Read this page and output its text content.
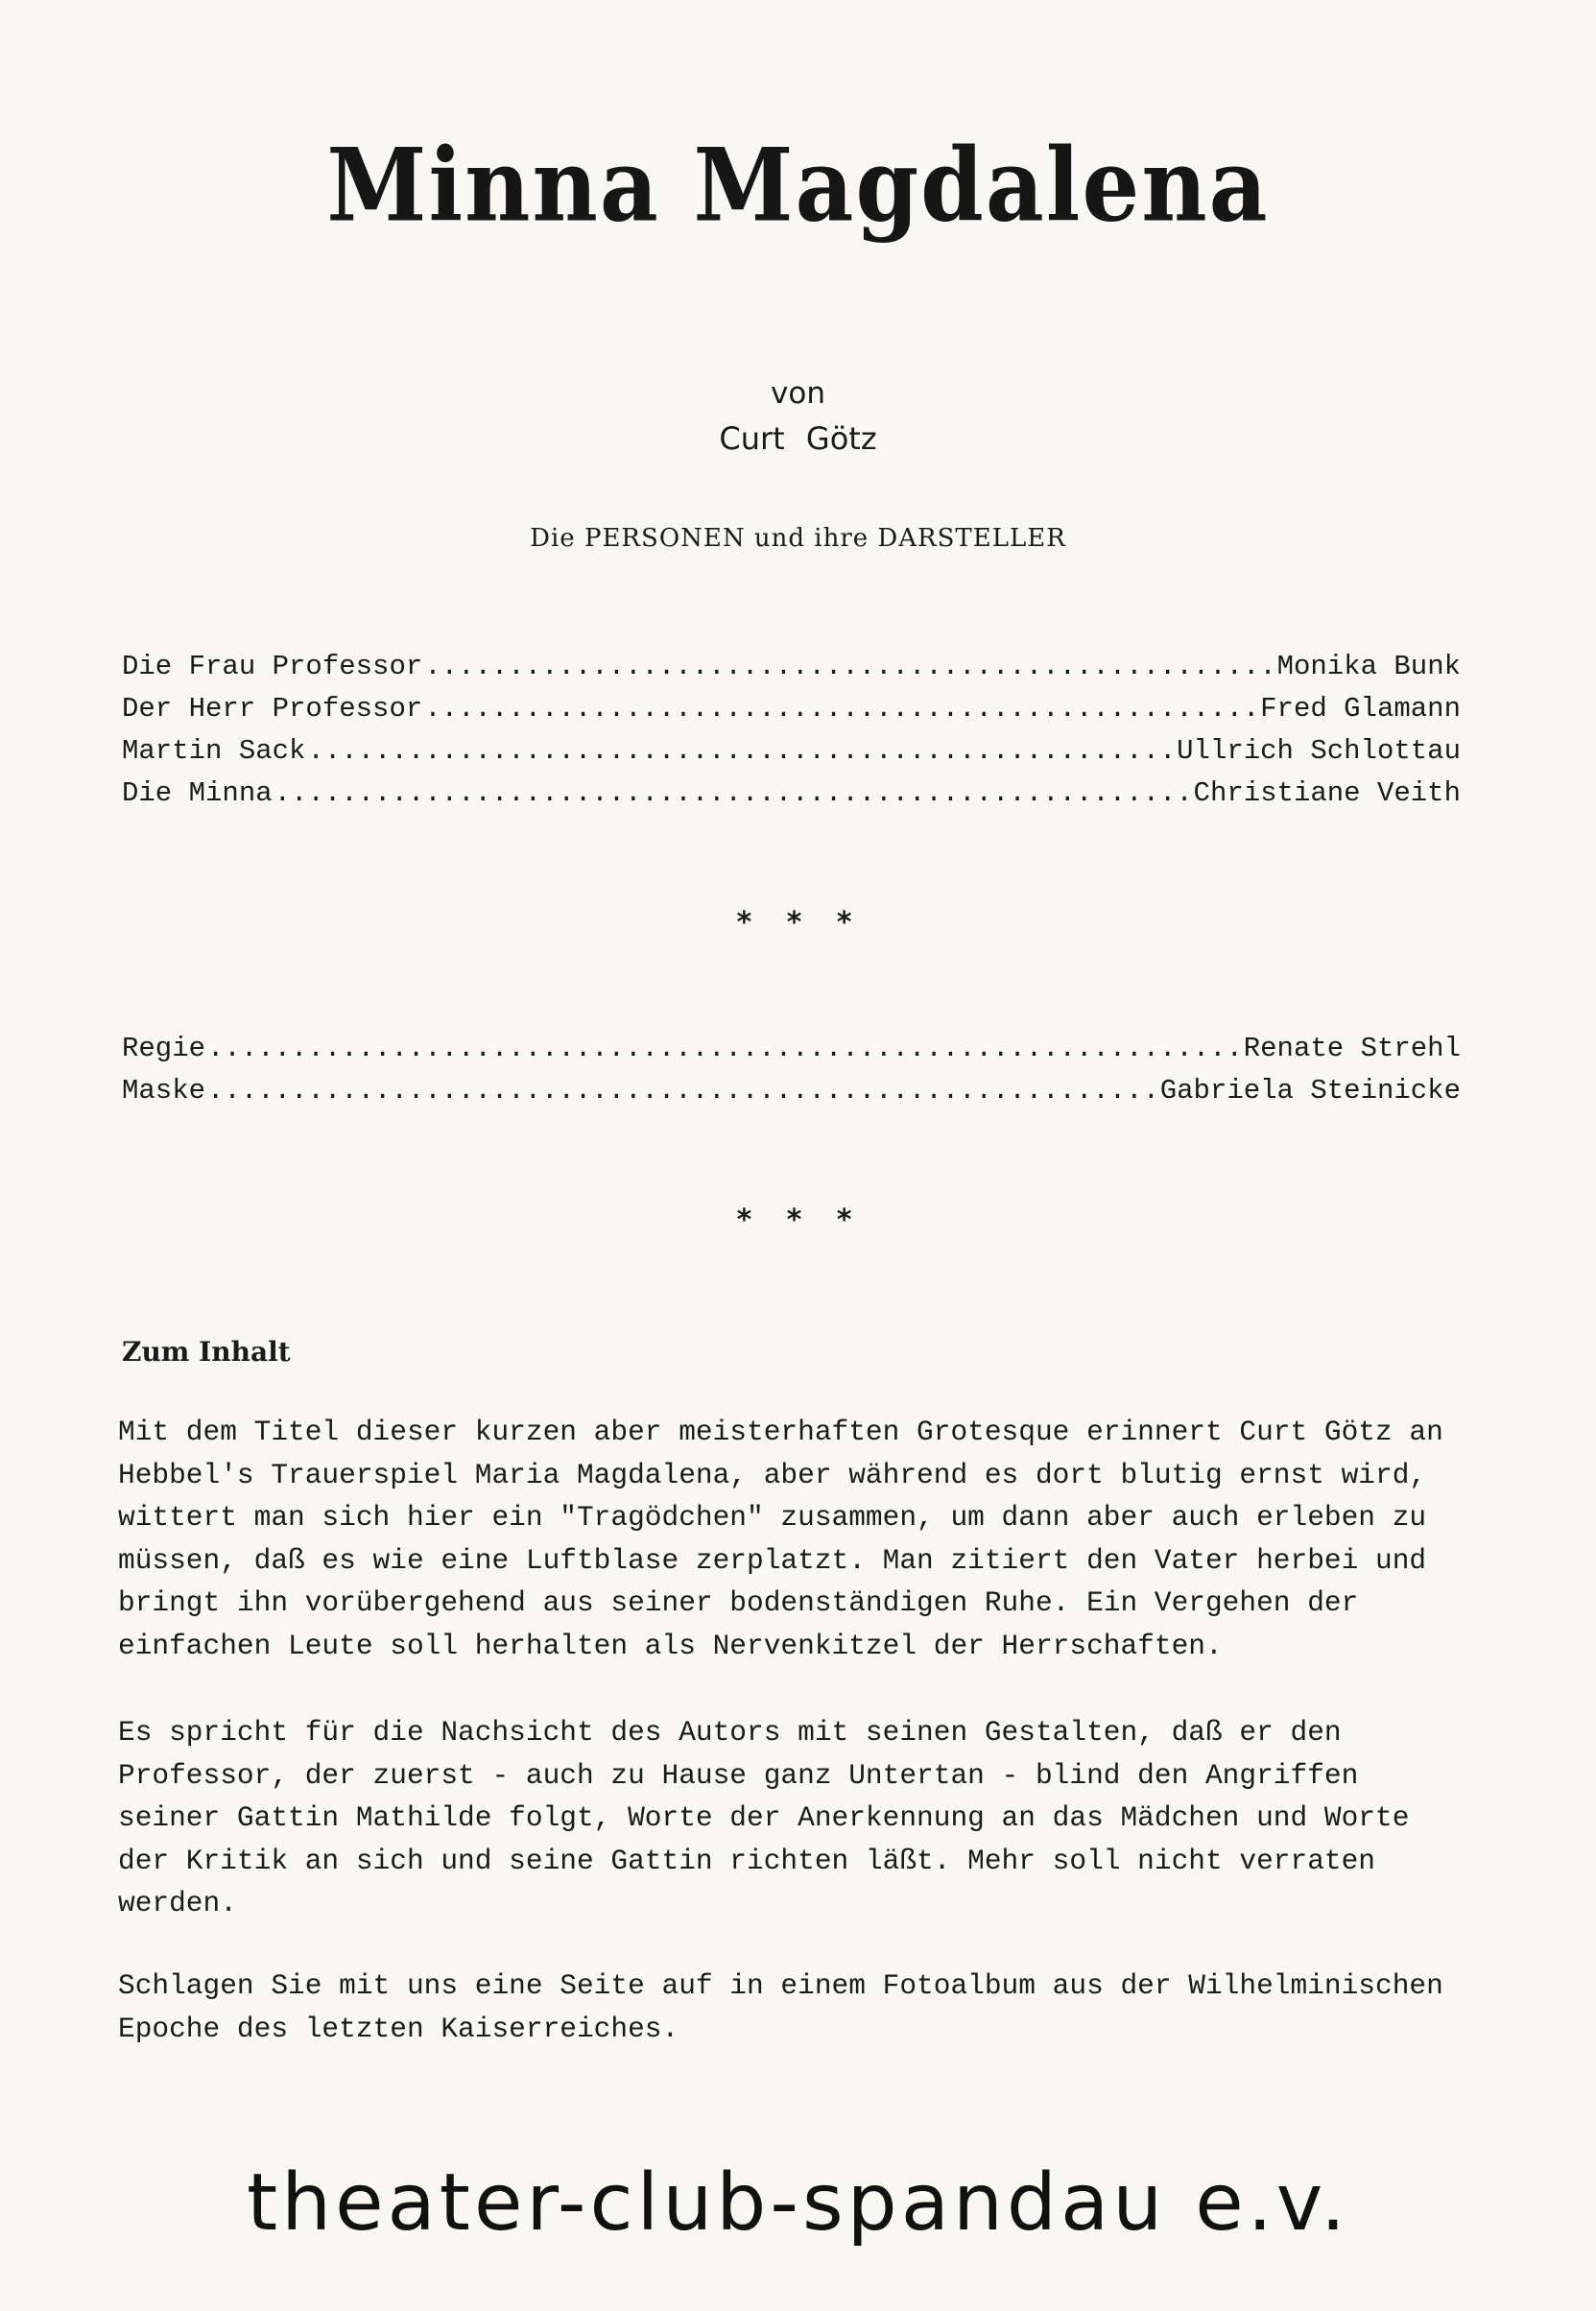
Minna Magdalena
von
Curt Götz
Die PERSONEN und ihre DARSTELLER
Die Frau Professor .....	Monika Bunk
Der Herr Professor .....	Fred Glamann
Martin Sack .....	Ullrich Schlottau
Die Minna .....	Christiane Veith
* * *
Regie .....	Renate Strehl
Maske .....	Gabriela Steinicke
* * *
Zum Inhalt
Mit dem Titel dieser kurzen aber meisterhaften Grotesque erinnert Curt Götz an
Hebbel's Trauerspiel Maria Magdalena, aber während es dort blutig ernst wird,
wittert man sich hier ein "Tragödchen" zusammen, um dann aber auch erleben zu
müssen, daß es wie eine Luftblase zerplatzt. Man zitiert den Vater herbei und
bringt ihn vorübergehend aus seiner bodenständigen Ruhe. Ein Vergehen der
einfachen Leute soll herhalten als Nervenkitzel der Herrschaften.
Es spricht für die Nachsicht des Autors mit seinen Gestalten, daß er den
Professor, der zuerst - auch zu Hause ganz Untertan - blind den Angriffen
seiner Gattin Mathilde folgt, Worte der Anerkennung an das Mädchen und Worte
der Kritik an sich und seine Gattin richten läßt. Mehr soll nicht verraten
werden.
Schlagen Sie mit uns eine Seite auf in einem Fotoalbum aus der Wilhelminischen
Epoche des letzten Kaiserreiches.
theater-club-spandau e.v.
